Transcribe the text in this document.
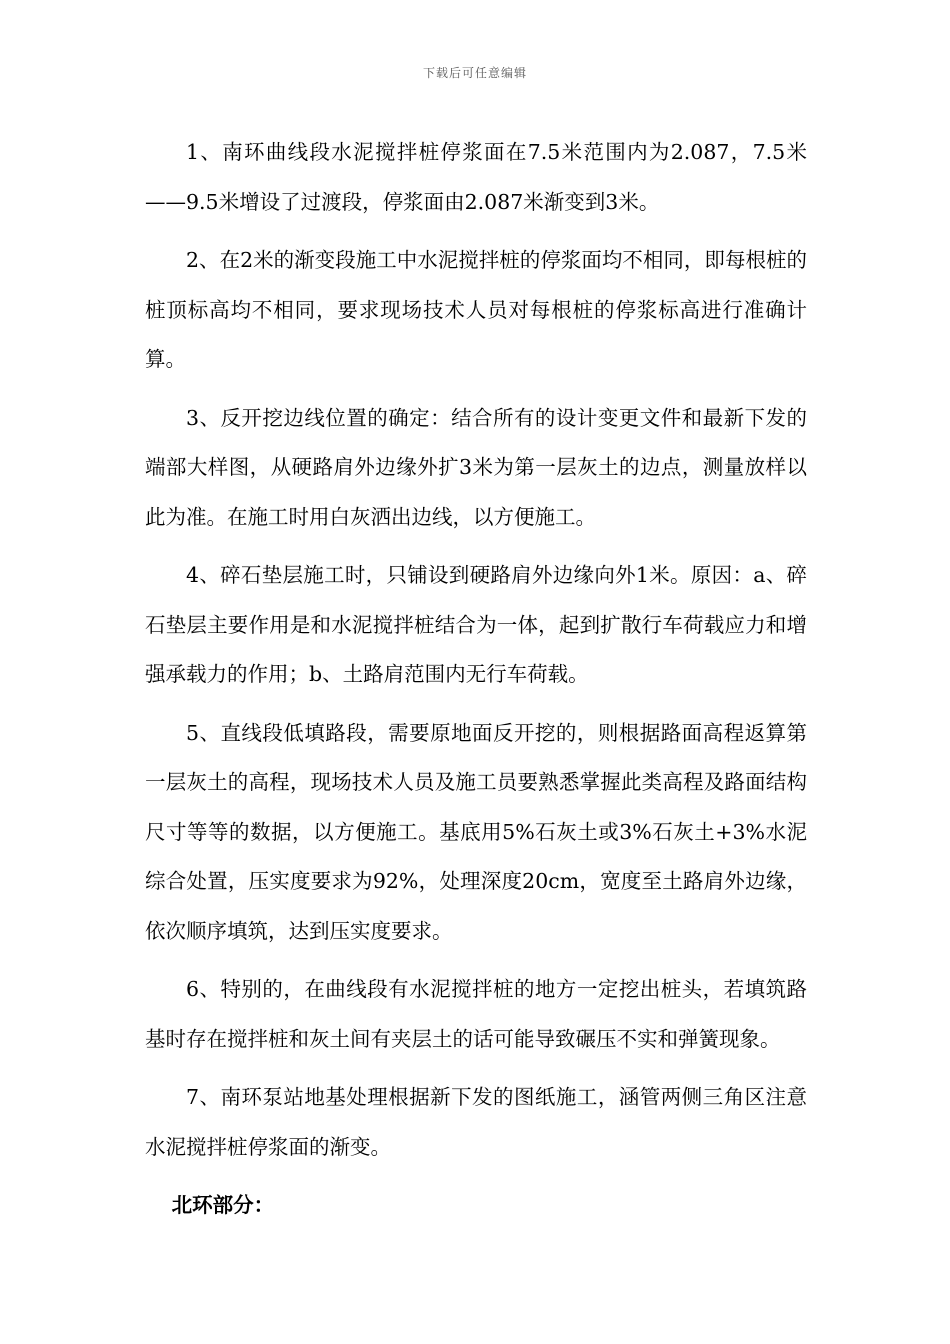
下载后可任意编辑

1、南环曲线段水泥搅拌桩停浆面在7.5米范围内为2.087，7.5米——9.5米增设了过渡段，停浆面由2.087米渐变到3米。

2、在2米的渐变段施工中水泥搅拌桩的停浆面均不相同，即每根桩的桩顶标高均不相同，要求现场技术人员对每根桩的停浆标高进行准确计算。

3、反开挖边线位置的确定：结合所有的设计变更文件和最新下发的端部大样图，从硬路肩外边缘外扩3米为第一层灰土的边点，测量放样以此为准。在施工时用白灰洒出边线，以方便施工。

4、碎石垫层施工时，只铺设到硬路肩外边缘向外1米。原因：a、碎石垫层主要作用是和水泥搅拌桩结合为一体，起到扩散行车荷载应力和增强承载力的作用；b、土路肩范围内无行车荷载。

5、直线段低填路段，需要原地面反开挖的，则根据路面高程返算第一层灰土的高程，现场技术人员及施工员要熟悉掌握此类高程及路面结构尺寸等等的数据，以方便施工。基底用5%石灰土或3%石灰土+3%水泥综合处置，压实度要求为92%，处理深度20cm，宽度至土路肩外边缘，依次顺序填筑，达到压实度要求。

6、特别的，在曲线段有水泥搅拌桩的地方一定挖出桩头，若填筑路基时存在搅拌桩和灰土间有夹层土的话可能导致碾压不实和弹簧现象。

7、南环泵站地基处理根据新下发的图纸施工，涵管两侧三角区注意水泥搅拌桩停浆面的渐变。

北环部分：
